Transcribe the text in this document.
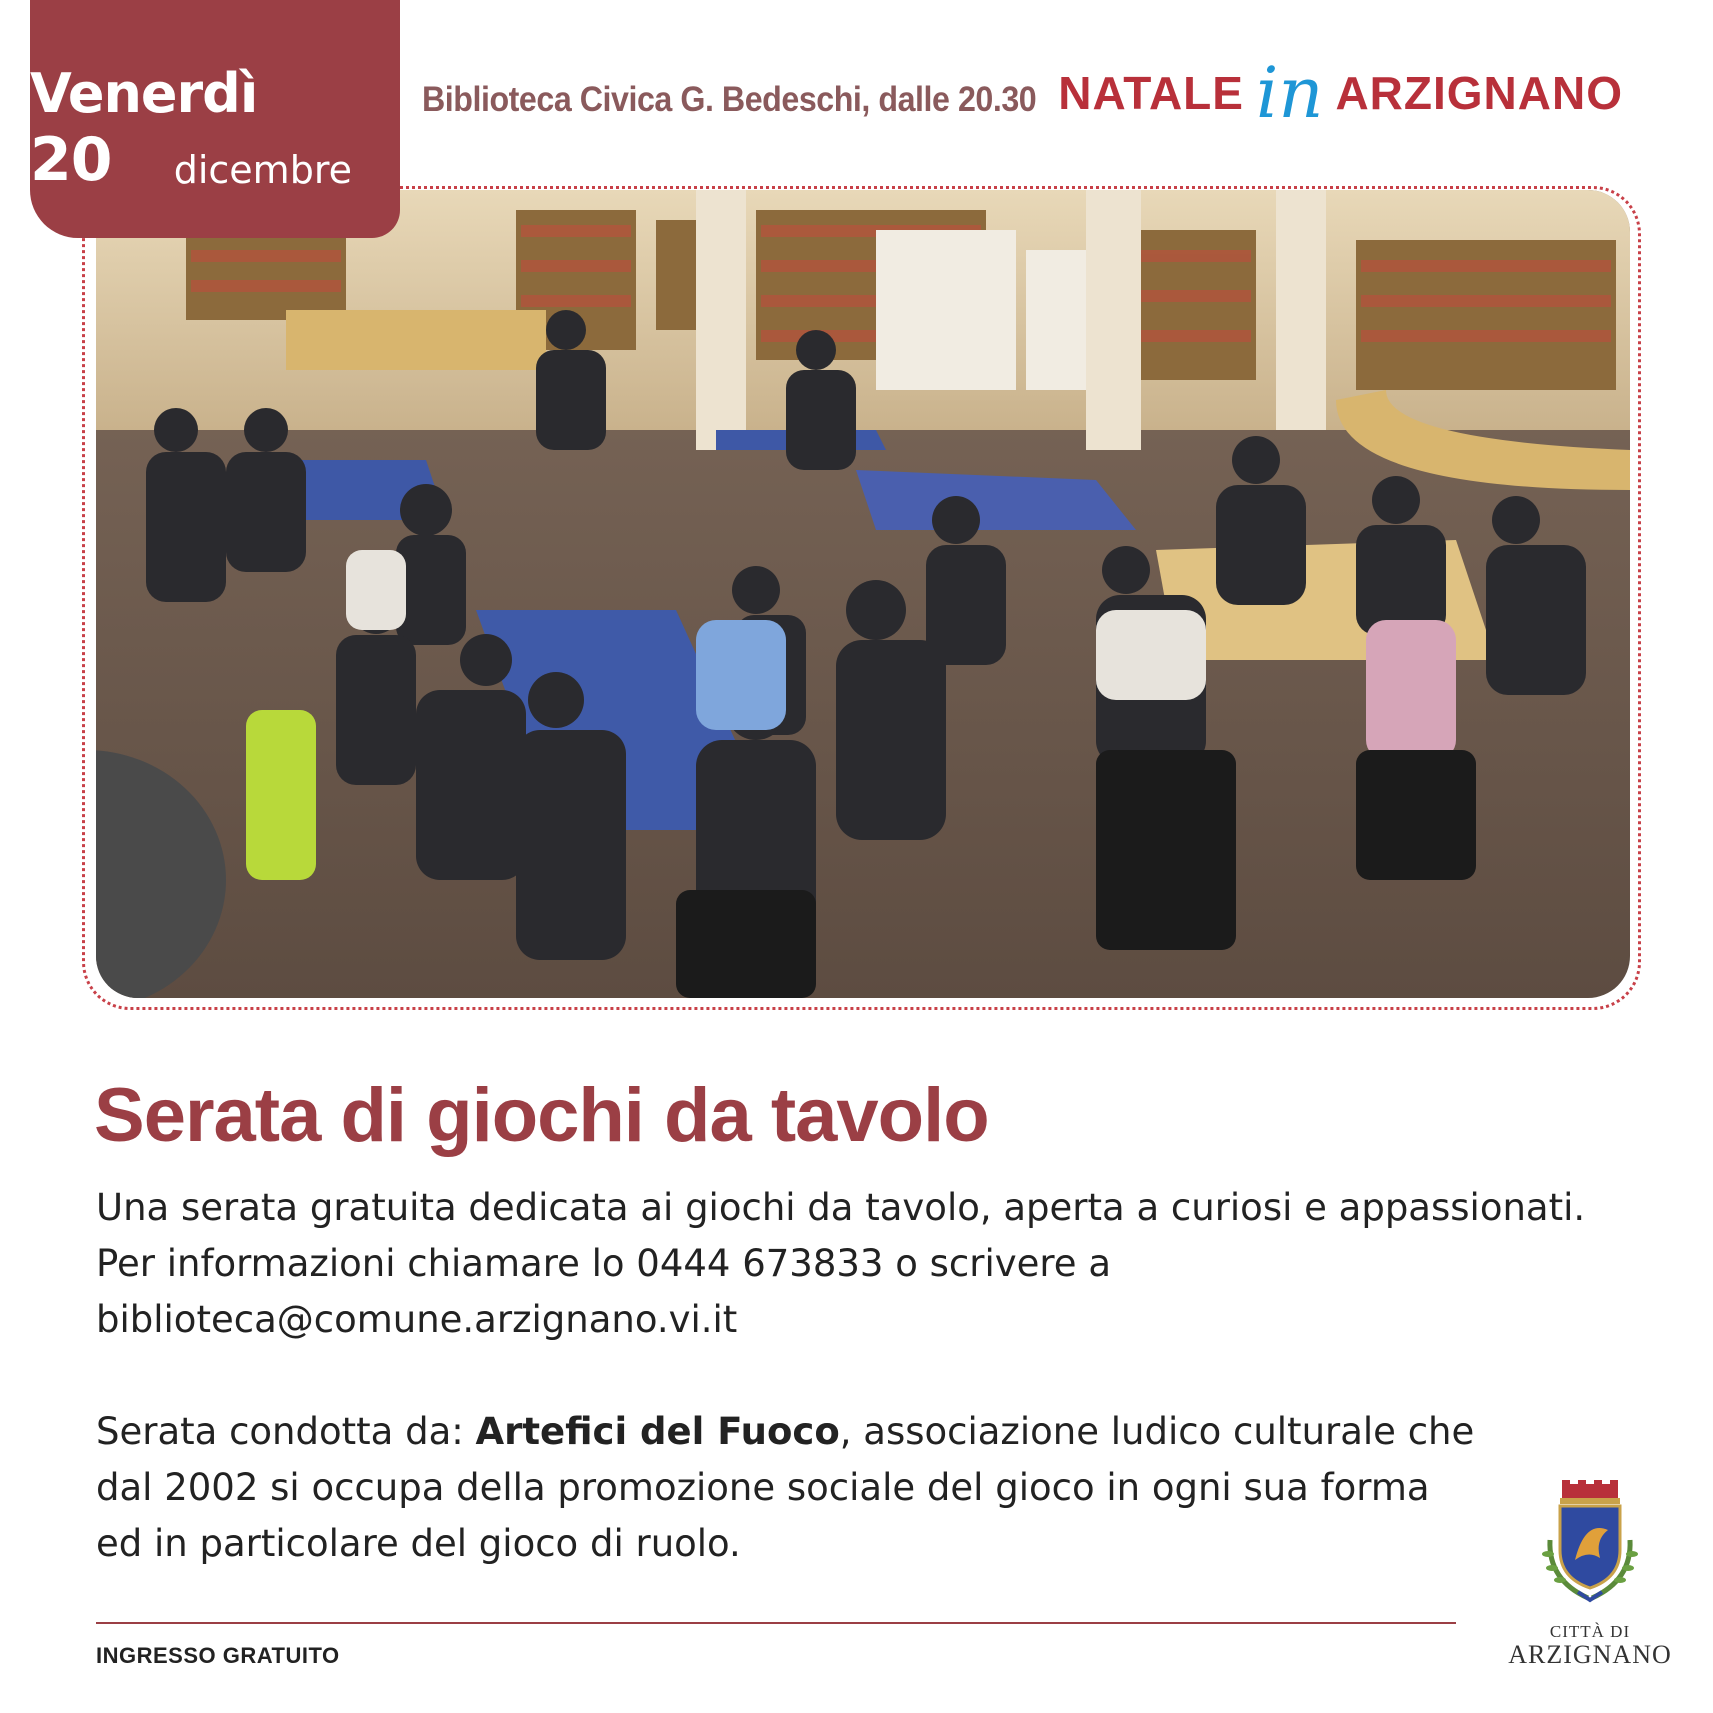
Venerdì 20	dicembre
Biblioteca Civica G. Bedeschi, dalle 20.30 NATALE in ARZIGNANO
Serata di giochi da tavolo

Una serata gratuita dedicata ai giochi da tavolo, aperta a curiosi e appassionati.

Per informazioni chiamare lo 0444 673833 o scrivere a

biblioteca@comune.arzignano.vi.it

Serata condotta da: Artefici del Fuoco, associazione ludico culturale che dal 2002 si occupa della promozione sociale del gioco in ogni sua forma ed in particolare del gioco di ruolo.

INGRESSO GRATUITO
CITTÀ DI
ARZIGNANO
